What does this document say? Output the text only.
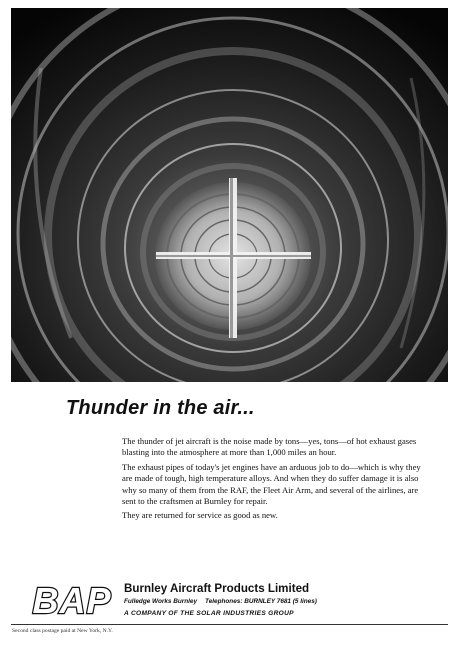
Thunder in the air...

The thunder of jet aircraft is the noise made by tons—yes, tons—of hot exhaust gases blasting into the atmosphere at more than 1,000 miles an hour.

The exhaust pipes of today's jet engines have an arduous job to do—which is why they are made of tough, high temperature alloys. And when they do suffer damage it is also why so many of them from the RAF, the Fleet Air Arm, and several of the airlines, are sent to the craftsmen at Burnley for repair.

They are returned for service as good as new.

BAP Burnley Aircraft Products Limited
Fulledge Works Burnley Telephones: BURNLEY 7681 (5 lines)
A COMPANY OF THE SOLAR INDUSTRIES GROUP
Second class postage paid at New York, N.Y.
